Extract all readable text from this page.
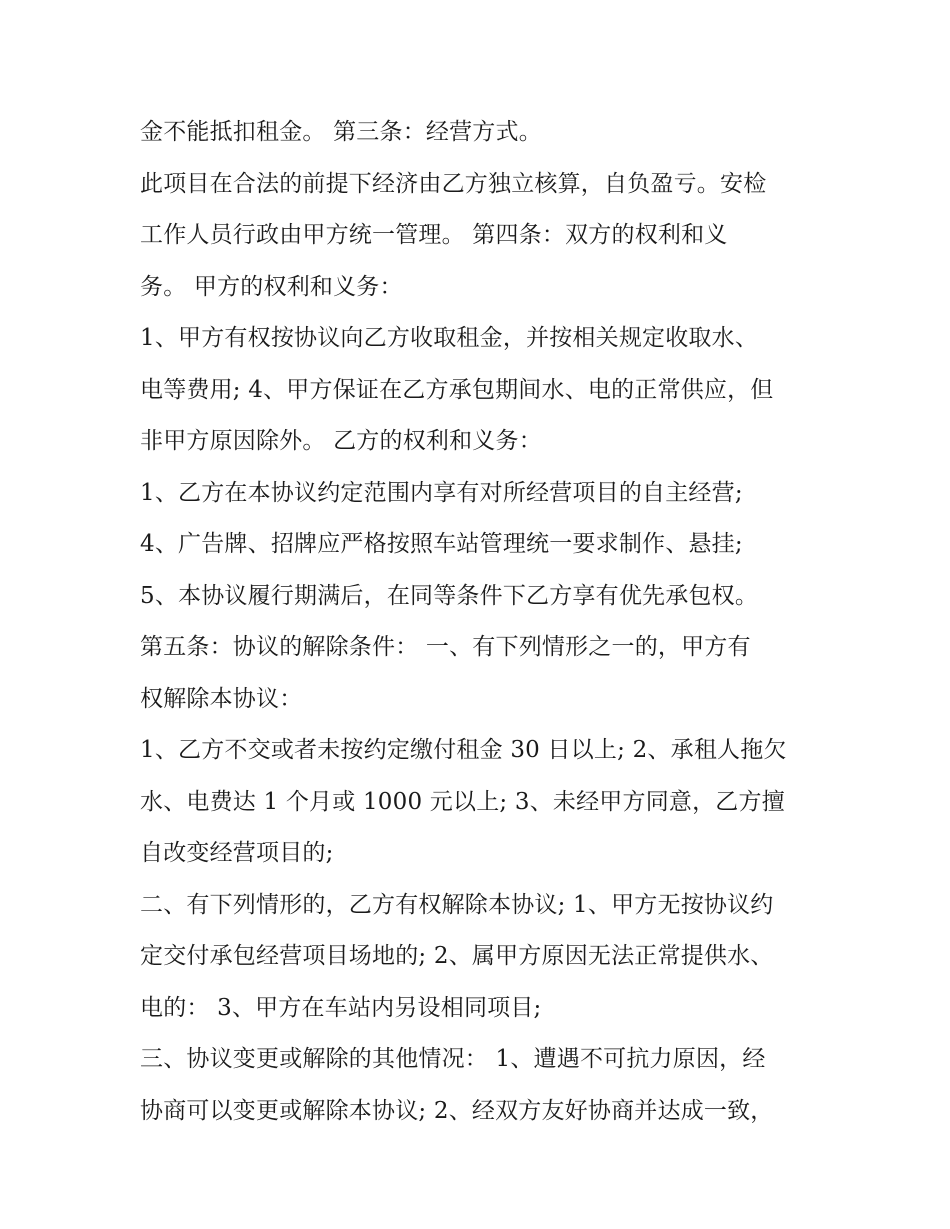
金不能抵扣租金。 第三条：经营方式。
此项目在合法的前提下经济由乙方独立核算，自负盈亏。安检
工作人员行政由甲方统一管理。 第四条：双方的权利和义
务。 甲方的权利和义务：
1、甲方有权按协议向乙方收取租金，并按相关规定收取水、
电等费用; 4、甲方保证在乙方承包期间水、电的正常供应，但
非甲方原因除外。 乙方的权利和义务：
1、乙方在本协议约定范围内享有对所经营项目的自主经营;
4、广告牌、招牌应严格按照车站管理统一要求制作、悬挂;
5、本协议履行期满后，在同等条件下乙方享有优先承包权。
第五条：协议的解除条件： 一、有下列情形之一的，甲方有
权解除本协议：
1、乙方不交或者未按约定缴付租金 30 日以上; 2、承租人拖欠
水、电费达 1 个月或 1000 元以上; 3、未经甲方同意，乙方擅
自改变经营项目的;
二、有下列情形的，乙方有权解除本协议; 1、甲方无按协议约
定交付承包经营项目场地的; 2、属甲方原因无法正常提供水、
电的： 3、甲方在车站内另设相同项目;
三、协议变更或解除的其他情况： 1、遭遇不可抗力原因，经
协商可以变更或解除本协议; 2、经双方友好协商并达成一致，
